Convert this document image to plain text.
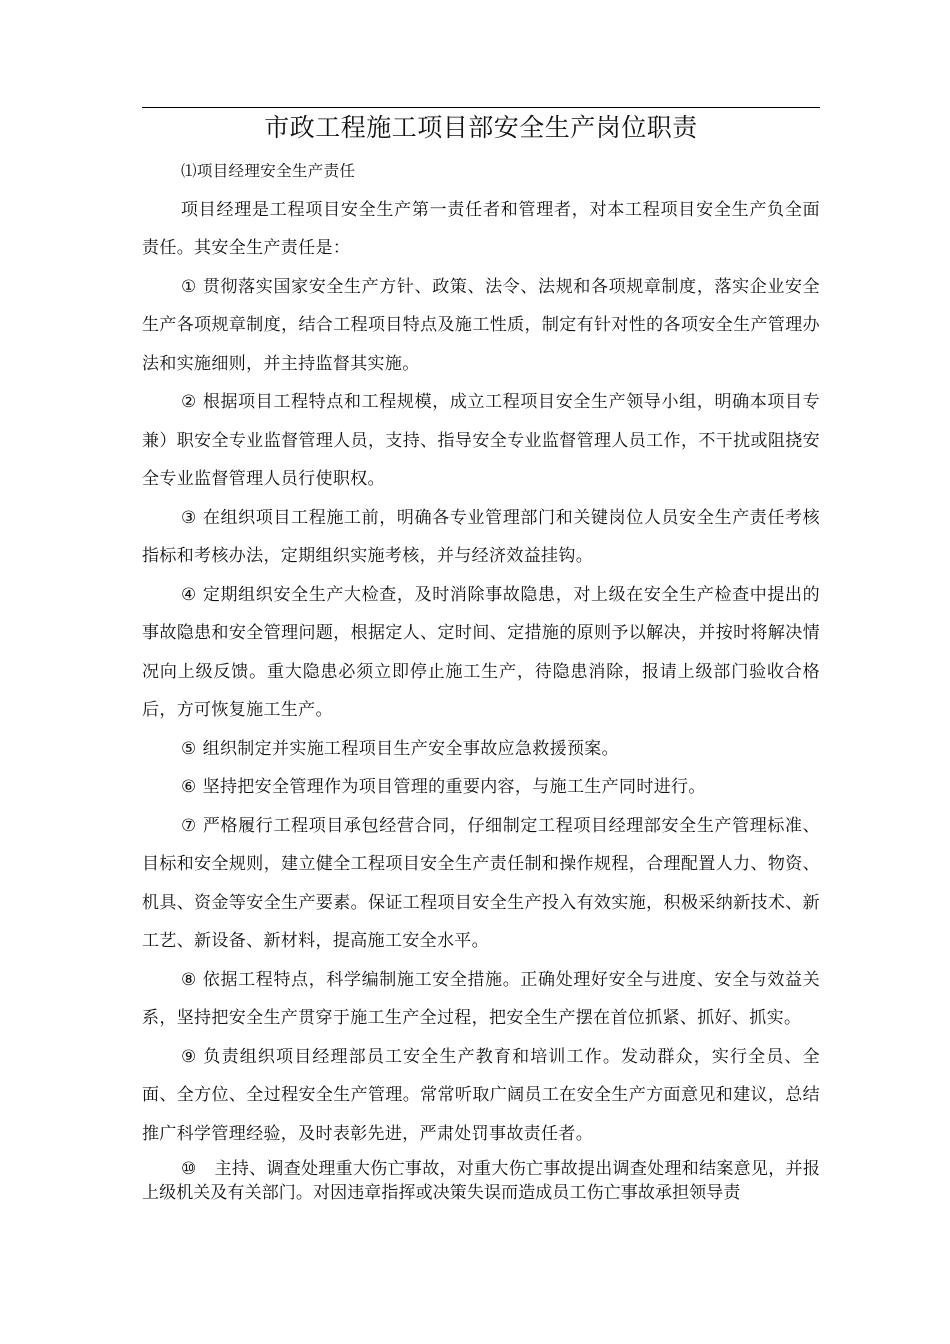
市政工程施工项目部安全生产岗位职责

⑴项目经理安全生产责任

项目经理是工程项目安全生产第一责任者和管理者，对本工程项目安全生产负全面责任。其安全生产责任是：

① 贯彻落实国家安全生产方针、政策、法令、法规和各项规章制度，落实企业安全生产各项规章制度，结合工程项目特点及施工性质，制定有针对性的各项安全生产管理办法和实施细则，并主持监督其实施。

② 根据项目工程特点和工程规模，成立工程项目安全生产领导小组，明确本项目专兼）职安全专业监督管理人员，支持、指导安全专业监督管理人员工作，不干扰或阻挠安全专业监督管理人员行使职权。

③ 在组织项目工程施工前，明确各专业管理部门和关键岗位人员安全生产责任考核指标和考核办法，定期组织实施考核，并与经济效益挂钩。

④ 定期组织安全生产大检查，及时消除事故隐患，对上级在安全生产检查中提出的事故隐患和安全管理问题，根据定人、定时间、定措施的原则予以解决，并按时将解决情况向上级反馈。重大隐患必须立即停止施工生产，待隐患消除，报请上级部门验收合格后，方可恢复施工生产。

⑤ 组织制定并实施工程项目生产安全事故应急救援预案。

⑥ 坚持把安全管理作为项目管理的重要内容，与施工生产同时进行。

⑦ 严格履行工程项目承包经营合同，仔细制定工程项目经理部安全生产管理标准、目标和安全规则，建立健全工程项目安全生产责任制和操作规程，合理配置人力、物资、机具、资金等安全生产要素。保证工程项目安全生产投入有效实施，积极采纳新技术、新工艺、新设备、新材料，提高施工安全水平。

⑧ 依据工程特点，科学编制施工安全措施。正确处理好安全与进度、安全与效益关系，坚持把安全生产贯穿于施工生产全过程，把安全生产摆在首位抓紧、抓好、抓实。

⑨ 负责组织项目经理部员工安全生产教育和培训工作。发动群众，实行全员、全面、全方位、全过程安全生产管理。常常听取广阔员工在安全生产方面意见和建议，总结推广科学管理经验，及时表彰先进，严肃处罚事故责任者。

⑩ 主持、调查处理重大伤亡事故，对重大伤亡事故提出调查处理和结案意见，并报上级机关及有关部门。对因违章指挥或决策失误而造成员工伤亡事故承担领导责
